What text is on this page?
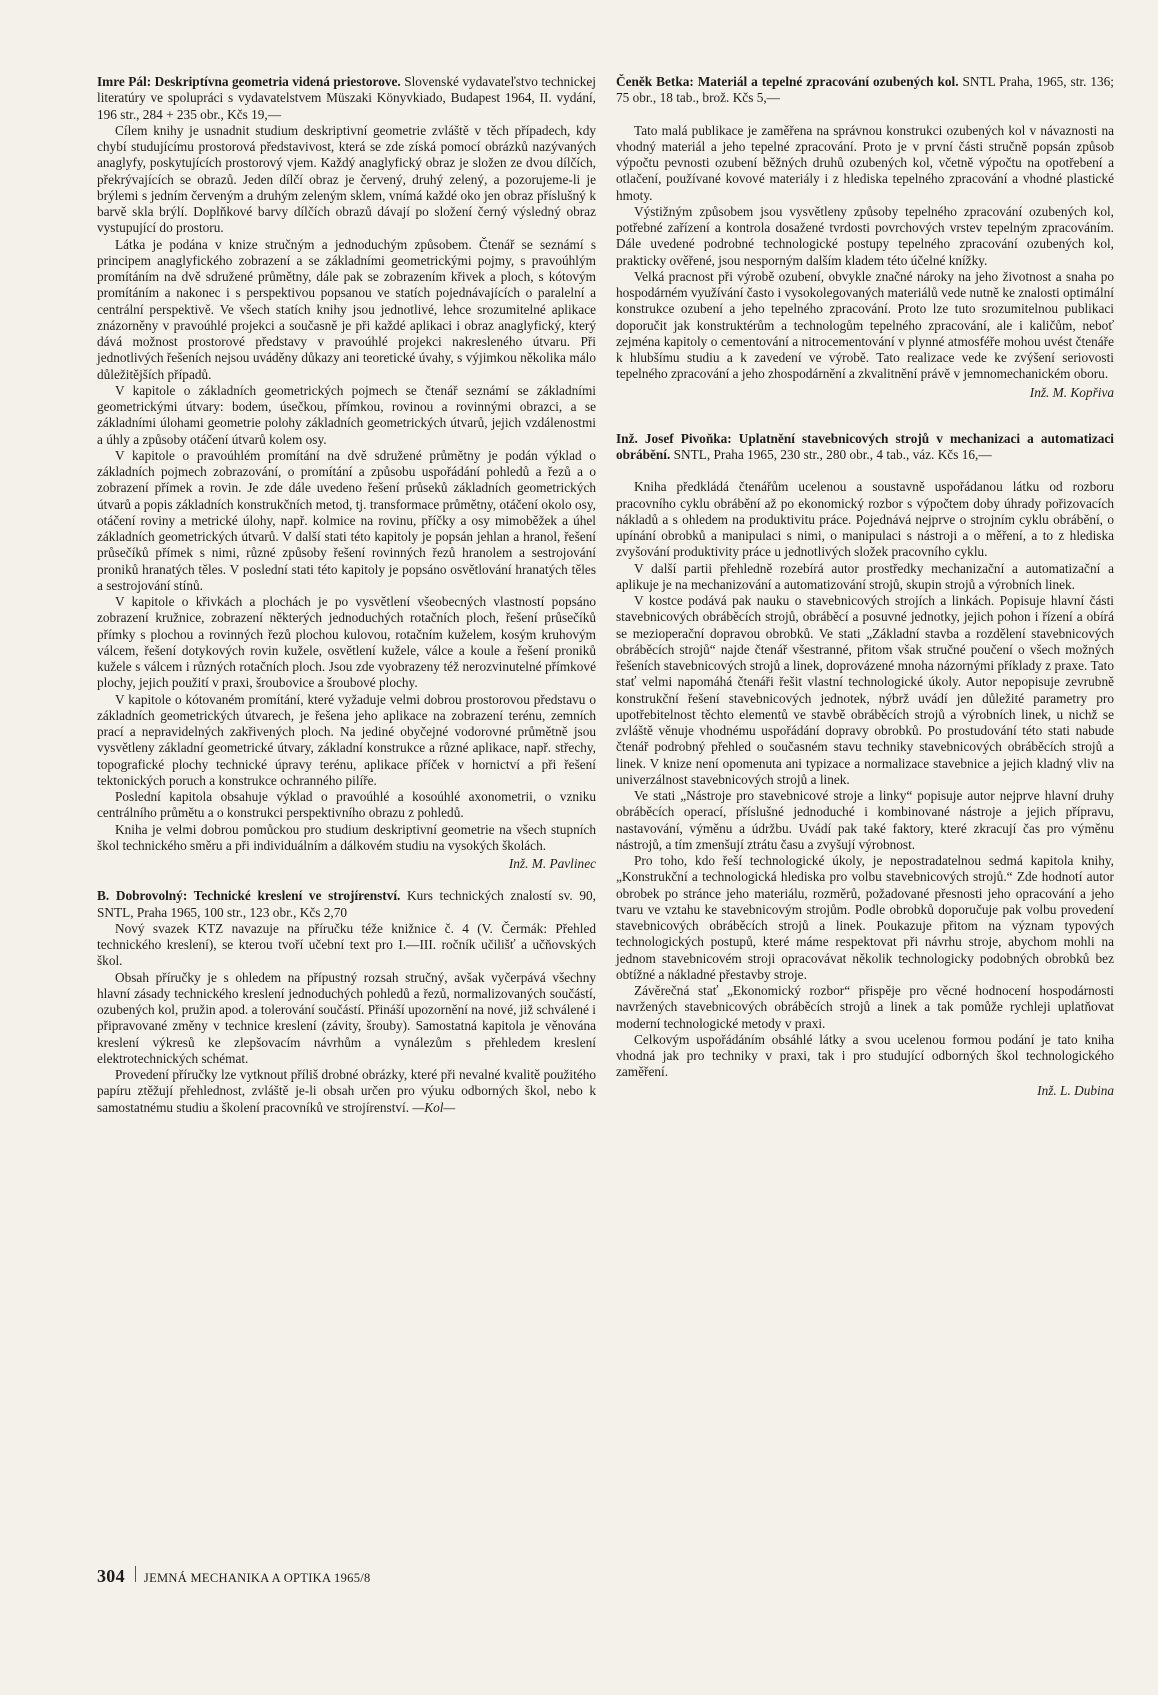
Imre Pál: Deskriptívna geometria videná priestorove. Slovenské vydavateľstvo technickej literatúry ve spolupráci s vydavatelstvem Müszaki Könyvkiado, Budapest 1964, II. vydání, 196 str., 284 + 235 obr., Kčs 19,—

Cílem knihy je usnadnit studium deskriptivní geometrie zvláště v těch případech, kdy chybí studujícímu prostorová představivost, která se zde získá pomocí obrázků nazývaných anaglyfy, poskytujících prostorový vjem. Každý anaglyfický obraz je složen ze dvou dílčích, překrývajících se obrazů. Jeden dílčí obraz je červený, druhý zelený, a pozorujeme-li je brýlemi s jedním červeným a druhým zeleným sklem, vnímá každé oko jen obraz příslušný k barvě skla brýlí. Doplňkové barvy dílčích obrazů dávají po složení černý výsledný obraz vystupující do prostoru.

Látka je podána v knize stručným a jednoduchým způsobem. Čtenář se seznámí s principem anaglyfického zobrazení a se základními geometrickými pojmy, s pravoúhlým promítáním na dvě sdružené průmětny, dále pak se zobrazením křivek a ploch, s kótovým promítáním a nakonec i s perspektivou popsanou ve statích pojednávajících o paralelní a centrální perspektivě. Ve všech statích knihy jsou jednotlivé, lehce srozumitelné aplikace znázorněny v pravoúhlé projekci a současně je při každé aplikaci i obraz anaglyfický, který dává možnost prostorové představy v pravoúhlé projekci nakresleného útvaru. Při jednotlivých řešeních nejsou uváděny důkazy ani teoretické úvahy, s výjimkou několika málo důležitějších případů.

V kapitole o základních geometrických pojmech se čtenář seznámí se základními geometrickými útvary: bodem, úsečkou, přímkou, rovinou a rovinnými obrazci, a se základními úlohami geometrie polohy základních geometrických útvarů, jejich vzdálenostmi a úhly a způsoby otáčení útvarů kolem osy.

V kapitole o pravoúhlém promítání na dvě sdružené průmětny je podán výklad o základních pojmech zobrazování, o promítání a způsobu uspořádání pohledů a řezů a o zobrazení přímek a rovin. Je zde dále uvedeno řešení průseků základních geometrických útvarů a popis základních konstrukčních metod, tj. transformace průmětny, otáčení okolo osy, otáčení roviny a metrické úlohy, např. kolmice na rovinu, příčky a osy mimoběžek a úhel základních geometrických útvarů. V další stati této kapitoly je popsán jehlan a hranol, řešení průsečíků přímek s nimi, různé způsoby řešení rovinných řezů hranolem a sestrojování proniků hranatých těles. V poslední stati této kapitoly je popsáno osvětlování hranatých těles a sestrojování stínů.

V kapitole o křivkách a plochách je po vysvětlení všeobecných vlastností popsáno zobrazení kružnice, zobrazení některých jednoduchých rotačních ploch, řešení průsečíků přímky s plochou a rovinných řezů plochou kulovou, rotačním kuželem, kosým kruhovým válcem, řešení dotykových rovin kužele, osvětlení kužele, válce a koule a řešení proniků kužele s válcem i různých rotačních ploch. Jsou zde vyobrazeny též nerozvinutelné přímkové plochy, jejich použití v praxi, šroubovice a šroubové plochy.

V kapitole o kótovaném promítání, které vyžaduje velmi dobrou prostorovou představu o základních geometrických útvarech, je řešena jeho aplikace na zobrazení terénu, zemních prací a nepravidelných zakřivených ploch. Na jediné obyčejné vodorovné průmětně jsou vysvětleny základní geometrické útvary, základní konstrukce a různé aplikace, např. střechy, topografické plochy technické úpravy terénu, aplikace příček v hornictví a při řešení tektonických poruch a konstrukce ochranného pilíře.

Poslední kapitola obsahuje výklad o pravoúhlé a kosoúhlé axonometrii, o vzniku centrálního průmětu a o konstrukci perspektivního obrazu z pohledů.

Kniha je velmi dobrou pomůckou pro studium deskriptivní geometrie na všech stupních škol technického směru a při individuálním a dálkovém studiu na vysokých školách.

Inž. M. Pavlinec

B. Dobrovolný: Technické kreslení ve strojírenství. Kurs technických znalostí sv. 90, SNTL, Praha 1965, 100 str., 123 obr., Kčs 2,70

Nový svazek KTZ navazuje na příručku téže knižnice č. 4 (V. Čermák: Přehled technického kreslení), se kterou tvoří učební text pro I.—III. ročník učilišť a učňovských škol.

Obsah příručky je s ohledem na přípustný rozsah stručný, avšak vyčerpává všechny hlavní zásady technického kreslení jednoduchých pohledů a řezů, normalizovaných součástí, ozubených kol, pružin apod. a tolerování součástí. Přináší upozornění na nové, již schválené i připravované změny v technice kreslení (závity, šrouby). Samostatná kapitola je věnována kreslení výkresů ke zlepšovacím návrhům a vynálezům s přehledem kreslení elektrotechnických schémat.

Provedení příručky lze vytknout příliš drobné obrázky, které při nevalné kvalitě použitého papíru ztěžují přehlednost, zvláště je-li obsah určen pro výuku odborných škol, nebo k samostatnému studiu a školení pracovníků ve strojírenství. —Kol—

Čeněk Betka: Materiál a tepelné zpracování ozubených kol. SNTL Praha, 1965, str. 136; 75 obr., 18 tab., brož. Kčs 5,—

Tato malá publikace je zaměřena na správnou konstrukci ozubených kol v návaznosti na vhodný materiál a jeho tepelné zpracování. Proto je v první části stručně popsán způsob výpočtu pevnosti ozubení běžných druhů ozubených kol, včetně výpočtu na opotřebení a otlačení, používané kovové materiály i z hlediska tepelného zpracování a vhodné plastické hmoty.

Výstižným způsobem jsou vysvětleny způsoby tepelného zpracování ozubených kol, potřebné zařízení a kontrola dosažené tvrdosti povrchových vrstev tepelným zpracováním. Dále uvedené podrobné technologické postupy tepelného zpracování ozubených kol, prakticky ověřené, jsou nesporným dalším kladem této účelné knížky.

Velká pracnost při výrobě ozubení, obvykle značné nároky na jeho životnost a snaha po hospodárném využívání často i vysokolegovaných materiálů vede nutně ke znalosti optimální konstrukce ozubení a jeho tepelného zpracování. Proto lze tuto srozumitelnou publikaci doporučit jak konstruktérům a technologům tepelného zpracování, ale i kaličům, neboť zejména kapitoly o cementování a nitrocementování v plynné atmosféře mohou uvést čtenáře k hlubšímu studiu a k zavedení ve výrobě. Tato realizace vede ke zvýšení seriovosti tepelného zpracování a jeho zhospodárnění a zkvalitnění právě v jemnomechanickém oboru.

Inž. M. Kopřiva

Inž. Josef Pivoňka: Uplatnění stavebnicových strojů v mechanizaci a automatizaci obrábění. SNTL, Praha 1965, 230 str., 280 obr., 4 tab., váz. Kčs 16,—

Kniha předkládá čtenářům ucelenou a soustavně uspořádanou látku od rozboru pracovního cyklu obrábění až po ekonomický rozbor s výpočtem doby úhrady pořizovacích nákladů a s ohledem na produktivitu práce. Pojednává nejprve o strojním cyklu obrábění, o upínání obrobků a manipulaci s nimi, o manipulaci s nástroji a o měření, a to z hlediska zvyšování produktivity práce u jednotlivých složek pracovního cyklu.

V další partii přehledně rozebírá autor prostředky mechanizační a automatizační a aplikuje je na mechanizování a automatizování strojů, skupin strojů a výrobních linek.

V kostce podává pak nauku o stavebnicových strojích a linkách. Popisuje hlavní části stavebnicových obráběcích strojů, obráběcí a posuvné jednotky, jejich pohon i řízení a obírá se mezioperační dopravou obrobků. Ve stati „Základní stavba a rozdělení stavebnicových obráběcích strojů“ najde čtenář všestranné, přitom však stručné poučení o všech možných řešeních stavebnicových strojů a linek, doprovázené mnoha názornými příklady z praxe. Tato stať velmi napomáhá čtenáři řešit vlastní technologické úkoly. Autor nepopisuje zevrubně konstrukční řešení stavebnicových jednotek, nýbrž uvádí jen důležité parametry pro upotřebitelnost těchto elementů ve stavbě obráběcích strojů a výrobních linek, u nichž se zvláště věnuje vhodnému uspořádání dopravy obrobků. Po prostudování této stati nabude čtenář podrobný přehled o současném stavu techniky stavebnicových obráběcích strojů a linek. V knize není opomenuta ani typizace a normalizace stavebnice a jejich kladný vliv na univerzálnost stavebnicových strojů a linek.

Ve stati „Nástroje pro stavebnicové stroje a linky“ popisuje autor nejprve hlavní druhy obráběcích operací, příslušné jednoduché i kombinované nástroje a jejich přípravu, nastavování, výměnu a údržbu. Uvádí pak také faktory, které zkracují čas pro výměnu nástrojů, a tím zmenšují ztrátu času a zvyšují výrobnost.

Pro toho, kdo řeší technologické úkoly, je nepostradatelnou sedmá kapitola knihy, „Konstrukční a technologická hlediska pro volbu stavebnicových strojů.“ Zde hodnotí autor obrobek po stránce jeho materiálu, rozměrů, požadované přesnosti jeho opracování a jeho tvaru ve vztahu ke stavebnicovým strojům. Podle obrobků doporučuje pak volbu provedení stavebnicových obráběcích strojů a linek. Poukazuje přitom na význam typových technologických postupů, které máme respektovat při návrhu stroje, abychom mohli na jednom stavebnicovém stroji opracovávat několik technologicky podobných obrobků bez obtížné a nákladné přestavby stroje.

Závěrečná stať „Ekonomický rozbor“ přispěje pro věcné hodnocení hospodárnosti navržených stavebnicových obráběcích strojů a linek a tak pomůže rychleji uplatňovat moderní technologické metody v praxi.

Celkovým uspořádáním obsáhlé látky a svou ucelenou formou podání je tato kniha vhodná jak pro techniky v praxi, tak i pro studující odborných škol technologického zaměření.

Inž. L. Dubina

304 JEMNÁ MECHANIKA A OPTIKA 1965/8
